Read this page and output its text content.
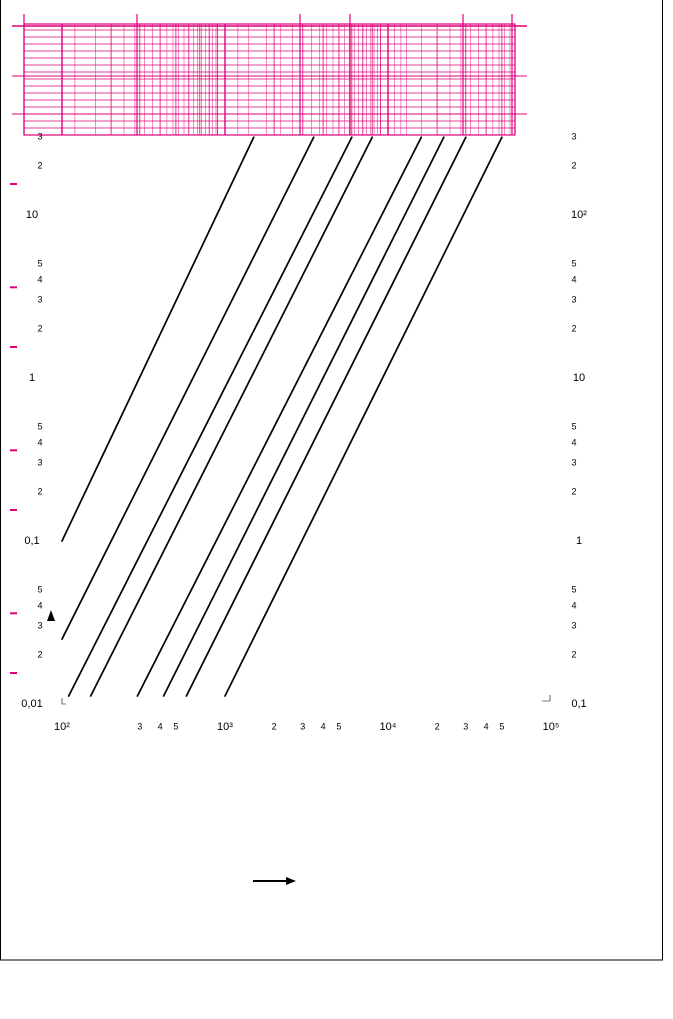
0,01
2
3
4
5
0,1
2
3
4
5
1
2
3
4
5
10
2
3
0,1
2
3
4
5
1
2
3
4
5
10
2
3
4
5
10²
2
3
10²	3 4 5	10³	2	3 4 5	10⁴	2	3 4 5	10⁵
